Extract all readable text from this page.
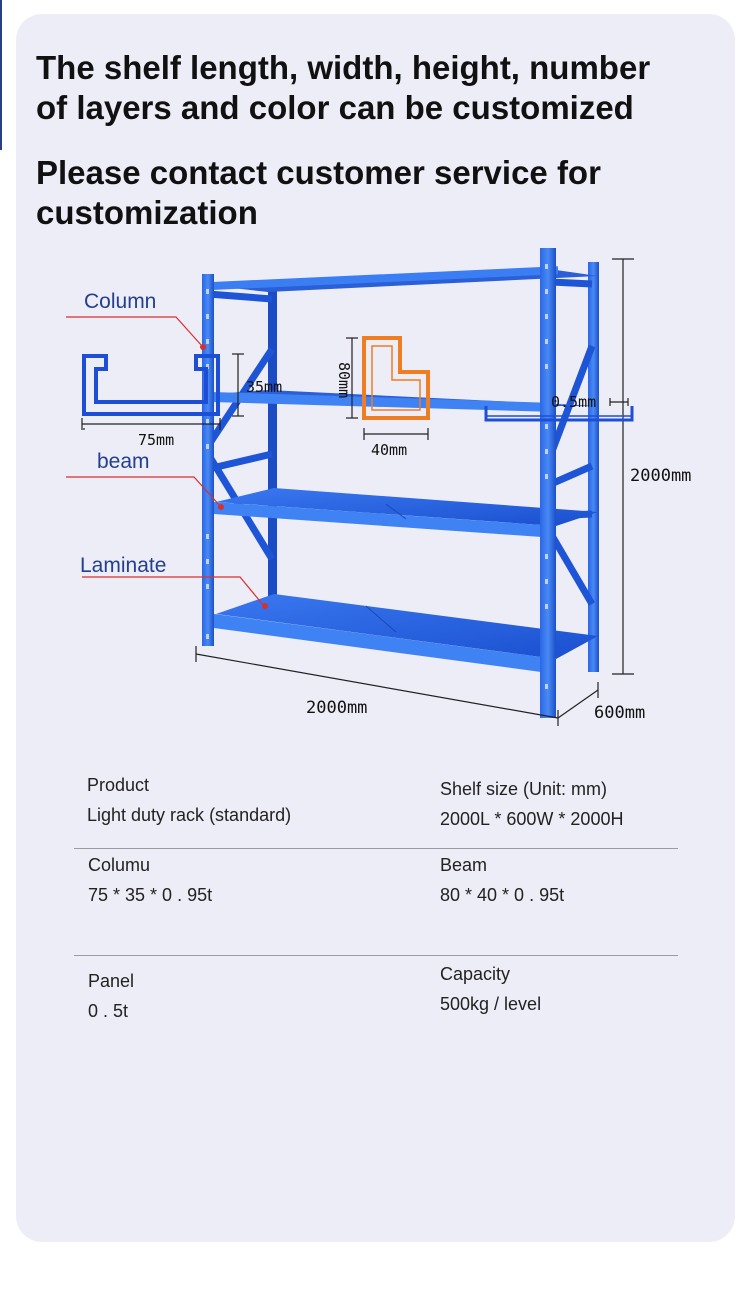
The shelf length, width, height, number
of layers and color can be customized
Please contact customer service for
customization
Column
beam
Laminate
2000mm
2000mm	600mm
75mm
35mm	80mm
40mm
0.5mm
Product
Light duty rack (standard)
Shelf size (Unit: mm)
2000L * 600W * 2000H
Columu
75 * 35 * 0 . 95t
Beam
80 * 40 * 0 . 95t
Panel
0 . 5t
Capacity
500kg / level
